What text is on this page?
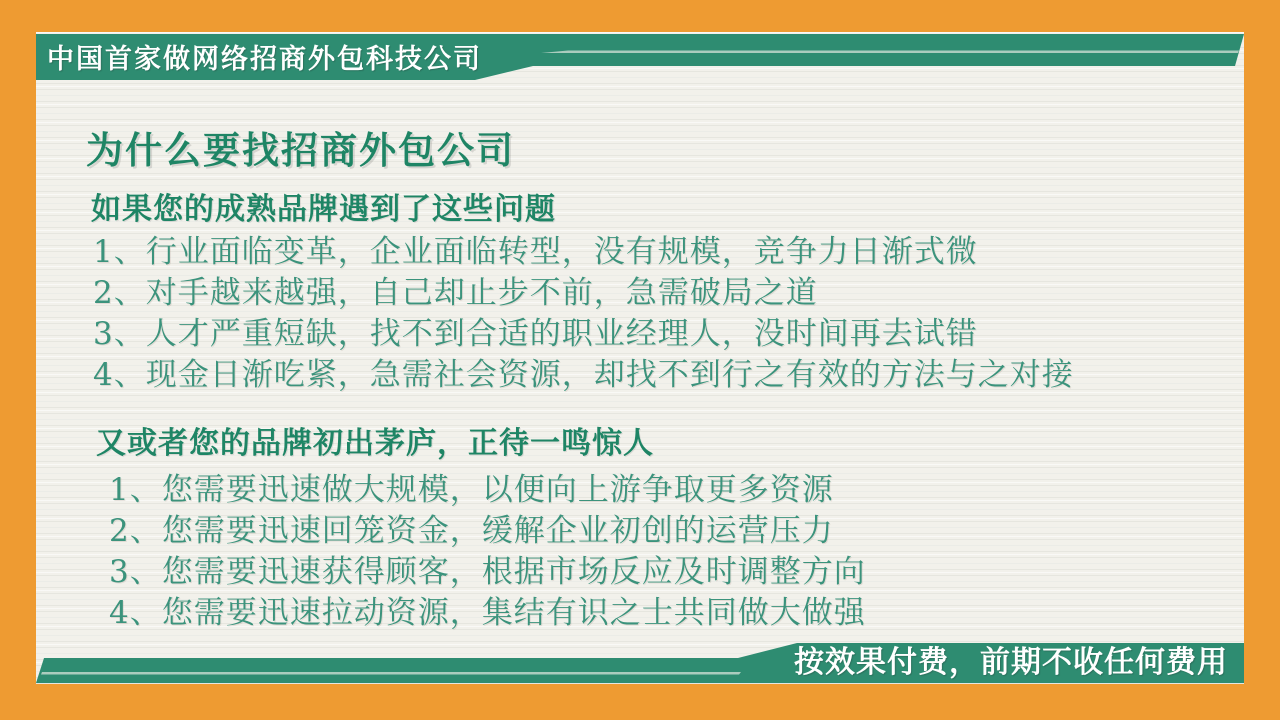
中国首家做网络招商外包科技公司
为什么要找招商外包公司
如果您的成熟品牌遇到了这些问题
1、行业面临变革，企业面临转型，没有规模，竞争力日渐式微
2、对手越来越强，自己却止步不前，急需破局之道
3、人才严重短缺，找不到合适的职业经理人，没时间再去试错
4、现金日渐吃紧，急需社会资源，却找不到行之有效的方法与之对接
又或者您的品牌初出茅庐，正待一鸣惊人
1、您需要迅速做大规模，以便向上游争取更多资源
2、您需要迅速回笼资金，缓解企业初创的运营压力
3、您需要迅速获得顾客，根据市场反应及时调整方向
4、您需要迅速拉动资源，集结有识之士共同做大做强
按效果付费，前期不收任何费用
